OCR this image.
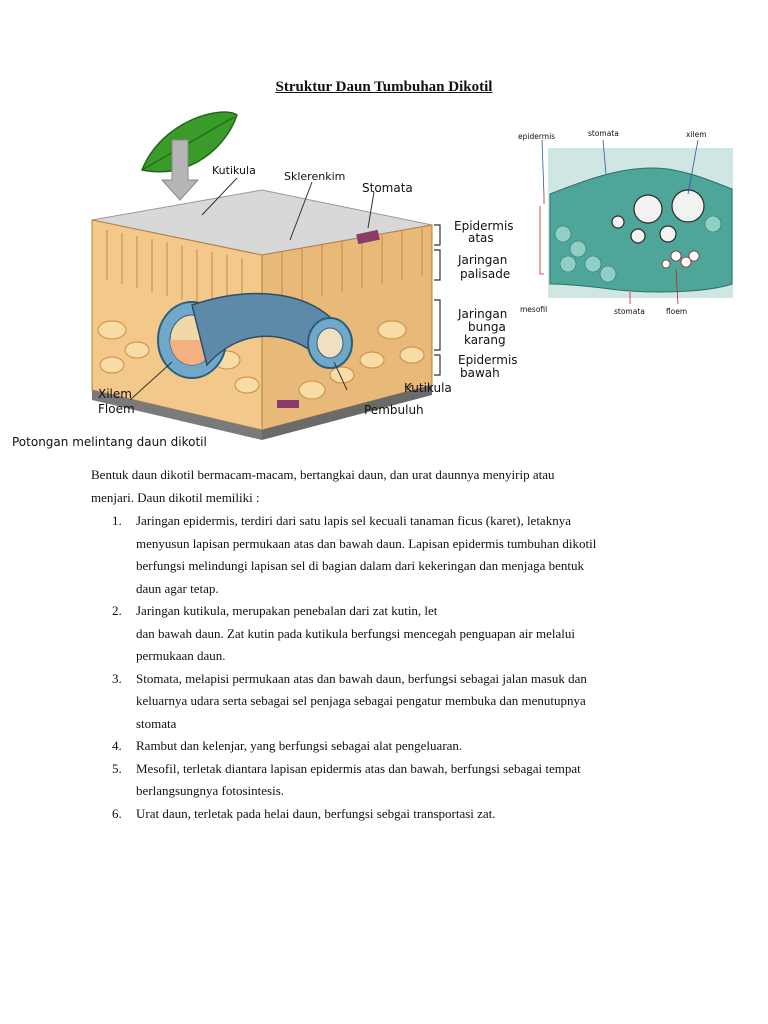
Struktur Daun Tumbuhan Dikotil
Kutikula	Sklerenkim
Stomata
Epidermis
atas
Jaringan
palisade
Jaringan
bunga
karang
Epidermis
bawah
Kutikula
Xilem
Floem	Pembuluh
Potongan melintang daun dikotil
epidermis	stomata	xilem
mesofil	stomata	floem
Bentuk daun dikotil bermacam-macam, bertangkai daun, dan urat daunnya menyirip atau
menjari. Daun dikotil memiliki :
1. Jaringan epidermis, terdiri dari satu lapis sel kecuali tanaman ficus (karet), letaknya
menyusun lapisan permukaan atas dan bawah daun. Lapisan epidermis tumbuhan dikotil
berfungsi melindungi lapisan sel di bagian dalam dari kekeringan dan menjaga bentuk
daun agar tetap.
2. Jaringan kutikula, merupakan penebalan dari zat kutin, let
dan bawah daun. Zat kutin pada kutikula berfungsi mencegah penguapan air melalui
permukaan daun.
3. Stomata, melapisi permukaan atas dan bawah daun, berfungsi sebagai jalan masuk dan
keluarnya udara serta sebagai sel penjaga sebagai pengatur membuka dan menutupnya
stomata
4. Rambut dan kelenjar, yang berfungsi sebagai alat pengeluaran.
5. Mesofil, terletak diantara lapisan epidermis atas dan bawah, berfungsi sebagai tempat
berlangsungnya fotosintesis.
6. Urat daun, terletak pada helai daun, berfungsi sebgai transportasi zat.
